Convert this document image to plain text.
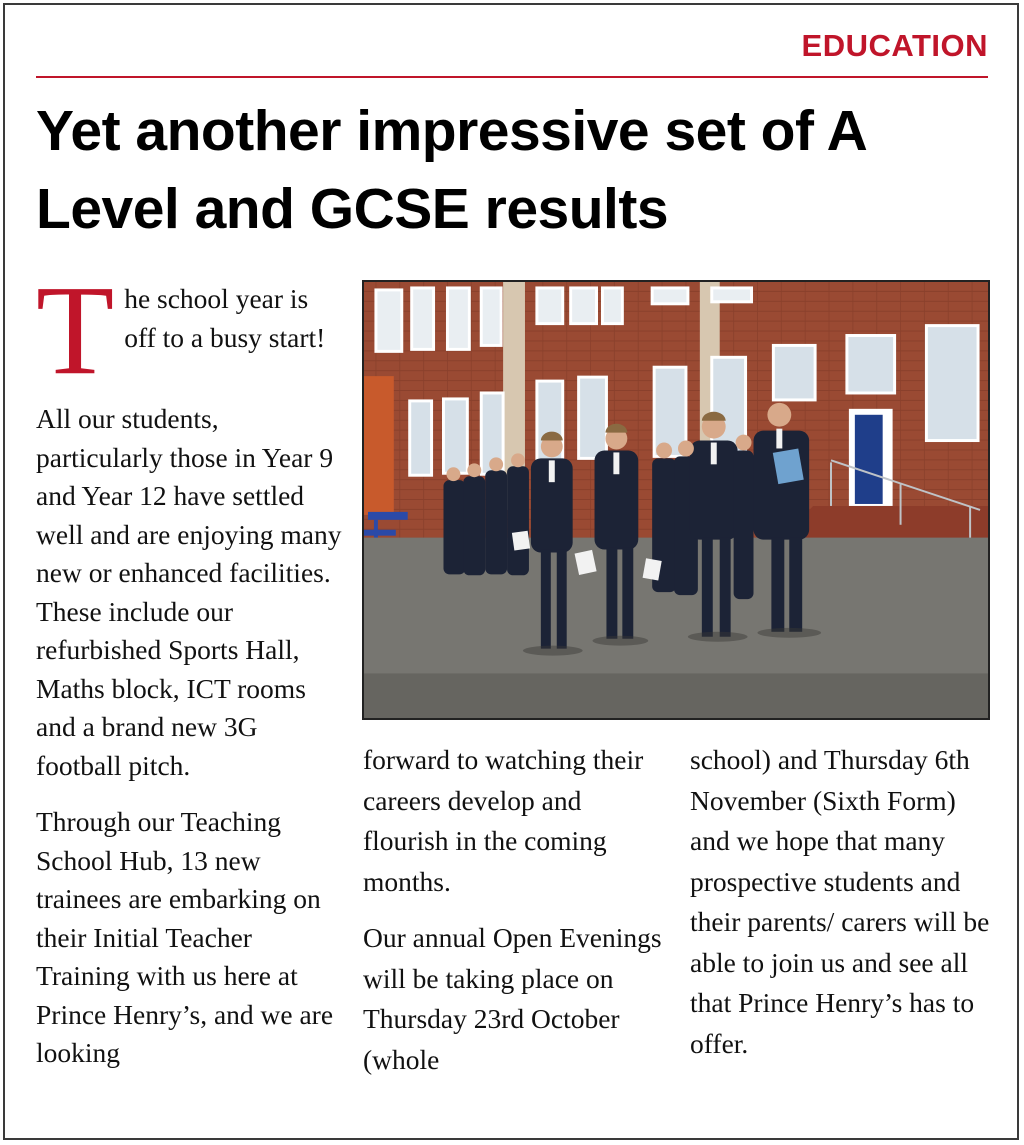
EDUCATION
Yet another impressive set of A Level and GCSE results
T he school year is off to a busy start!

All our students, particularly those in Year 9 and Year 12 have settled well and are enjoying many new or enhanced facilities. These include our refurbished Sports Hall, Maths block, ICT rooms and a brand new 3G football pitch.

Through our Teaching School Hub, 13 new trainees are embarking on their Initial Teacher Training with us here at Prince Henry’s, and we are looking

forward to watching their careers develop and flourish in the coming months.

Our annual Open Evenings will be taking place on Thursday 23rd October (whole

school) and Thursday 6th November (Sixth Form) and we hope that many prospective students and their parents/ carers will be able to join us and see all that Prince Henry’s has to offer.
